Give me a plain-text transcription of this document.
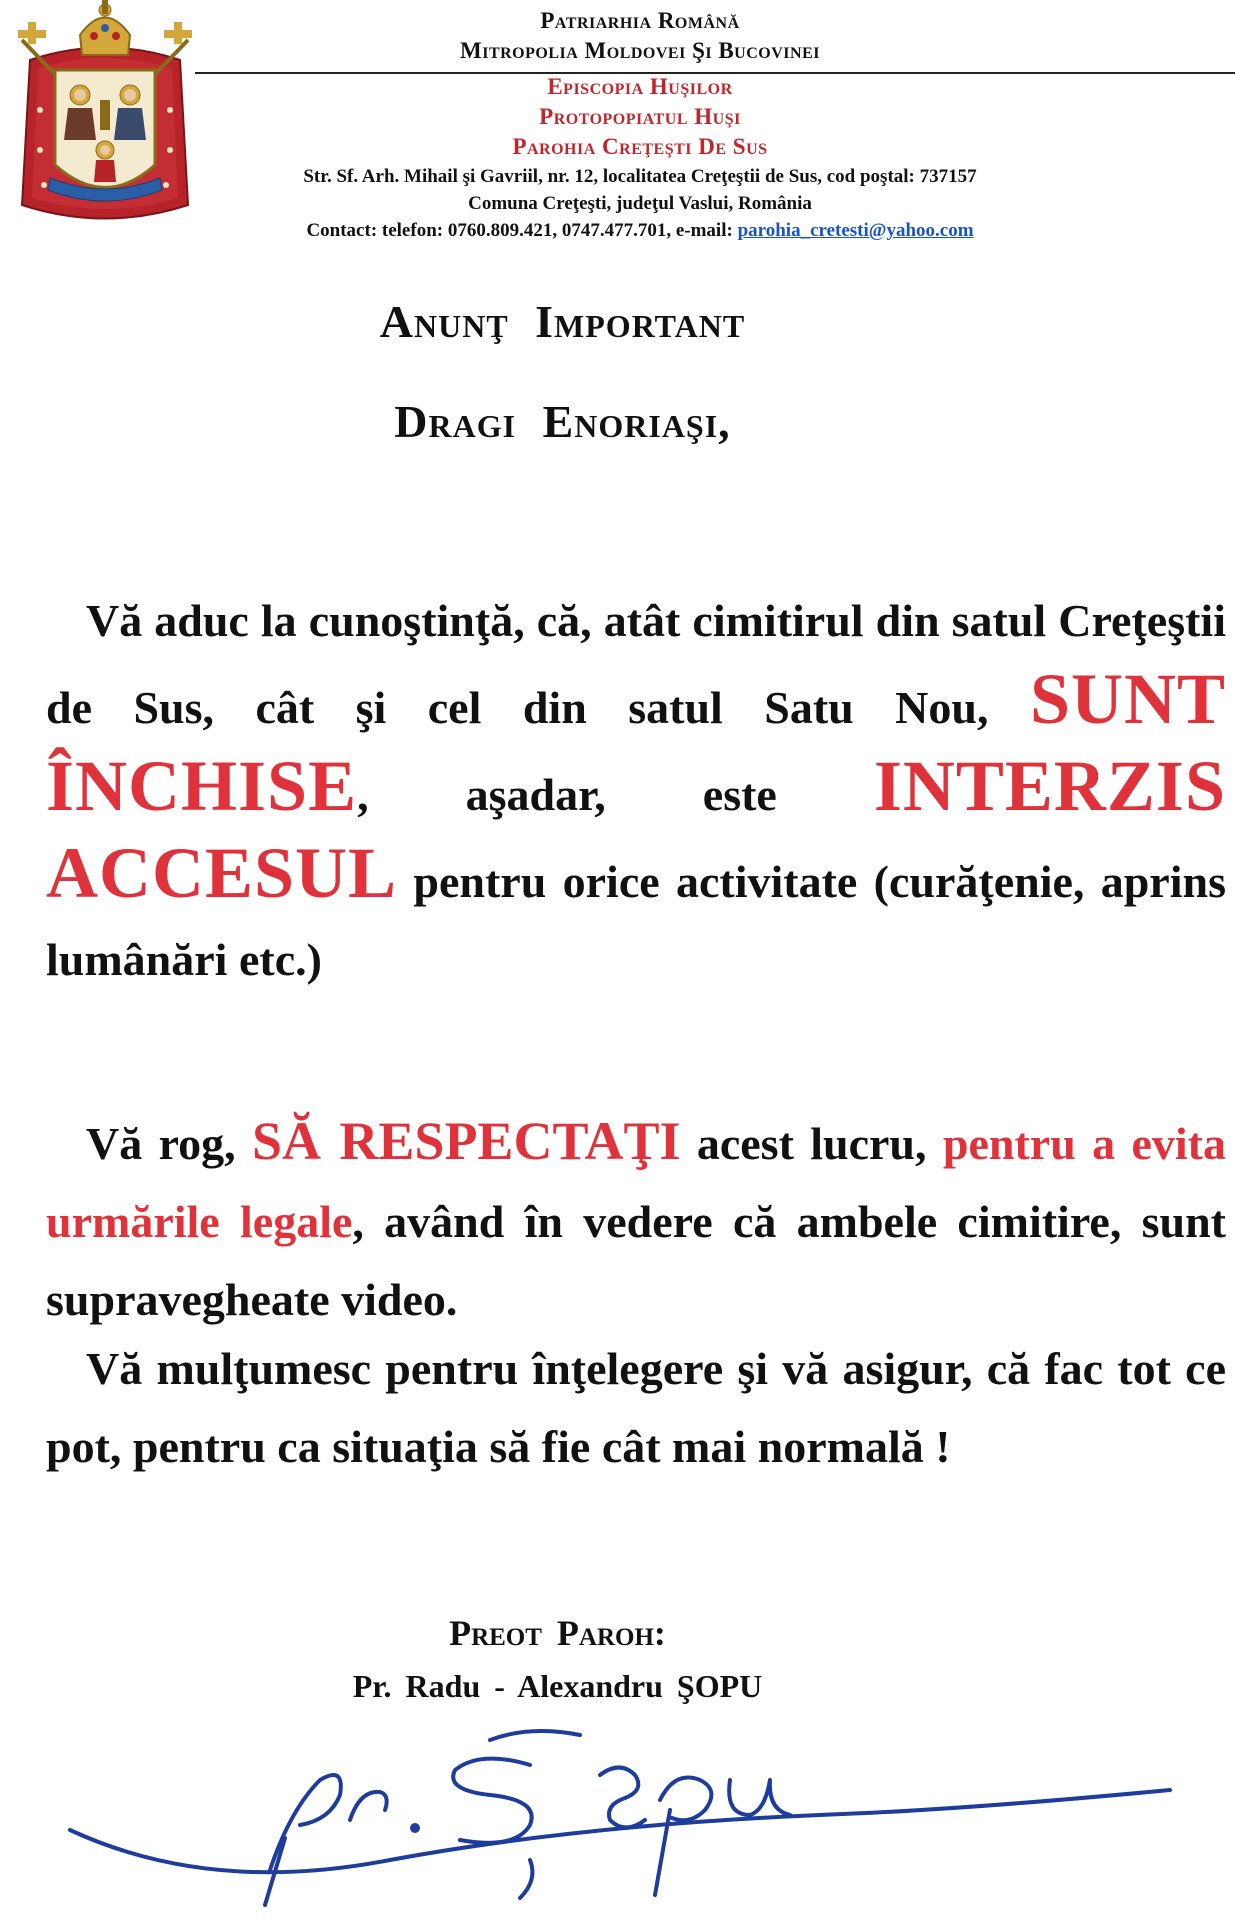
Patriarhia Română
Mitropolia Moldovei Şi Bucovinei
Episcopia Huşilor
Protopopiatul Huşi
Parohia Creţeşti De Sus
Str. Sf. Arh. Mihail şi Gavriil, nr. 12, localitatea Creţeştii de Sus, cod poştal: 737157
Comuna Creţeşti, judeţul Vaslui, România
Contact: telefon: 0760.809.421, 0747.477.701, e-mail: parohia_cretesti@yahoo.com
Anunţ Important
Dragi Enoriaşi,

Vă aduc la cunoştinţă, că, atât cimitirul din satul Creţeştii de Sus, cât şi cel din satul Satu Nou, SUNT ÎNCHISE, aşadar, este INTERZIS ACCESUL pentru orice activitate (curăţenie, aprins lumânări etc.)

Vă rog, SĂ RESPECTAŢI acest lucru, pentru a evita urmările legale, având în vedere că ambele cimitire, sunt supravegheate video.

Vă mulţumesc pentru înţelegere şi vă asigur, că fac tot ce pot, pentru ca situaţia să fie cât mai normală !

Preot Paroh:
Pr. Radu - Alexandru ŞOPU
